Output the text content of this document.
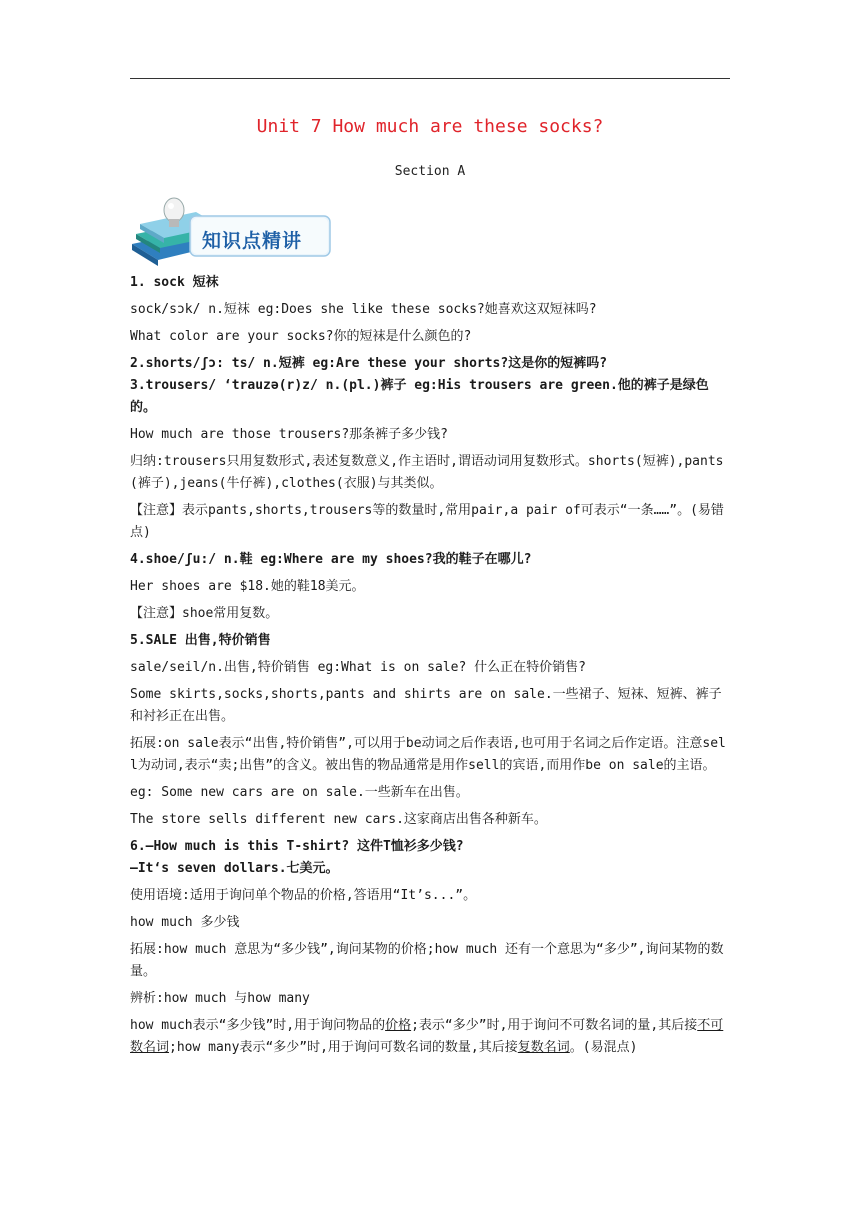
Unit 7 How much are these socks?
Section A
知识点精讲

1. sock 短袜

sock/sɔk/ n.短袜 eg:Does she like these socks?她喜欢这双短袜吗?

What color are your socks?你的短袜是什么颜色的?

2.shorts/ʃɔ: ts/ n.短裤 eg:Are these your shorts?这是你的短裤吗?

3.trousers/ ‘trauzə(r)z/ n.(pl.)裤子 eg:His trousers are green.他的裤子是绿色的。

How much are those trousers?那条裤子多少钱?

归纳:trousers只用复数形式,表述复数意义,作主语时,谓语动词用复数形式。shorts(短裤),pants(裤子),jeans(牛仔裤),clothes(衣服)与其类似。

【注意】表示pants,shorts,trousers等的数量时,常用pair,a pair of可表示“一条……”。(易错点)

4.shoe/ʃu:/ n.鞋 eg:Where are my shoes?我的鞋子在哪儿?

Her shoes are $18.她的鞋18美元。

【注意】shoe常用复数。

5.SALE 出售,特价销售

sale/seil/n.出售,特价销售 eg:What is on sale? 什么正在特价销售?

Some skirts,socks,shorts,pants and shirts are on sale.一些裙子、短袜、短裤、裤子和衬衫正在出售。

拓展:on sale表示“出售,特价销售”,可以用于be动词之后作表语,也可用于名词之后作定语。注意sell为动词,表示“卖;出售”的含义。被出售的物品通常是用作sell的宾语,而用作be on sale的主语。

eg: Some new cars are on sale.一些新车在出售。

The store sells different new cars.这家商店出售各种新车。

6.—How much is this T-shirt? 这件T恤衫多少钱?

—It‘s seven dollars.七美元。

使用语境:适用于询问单个物品的价格,答语用“It’s...”。

how much 多少钱

拓展:how much 意思为“多少钱”,询问某物的价格;how much 还有一个意思为“多少”,询问某物的数量。

辨析:how much 与how many

how much表示“多少钱”时,用于询问物品的价格;表示“多少”时,用于询问不可数名词的量,其后接不可数名词;how many表示“多少”时,用于询问可数名词的数量,其后接复数名词。(易混点)
